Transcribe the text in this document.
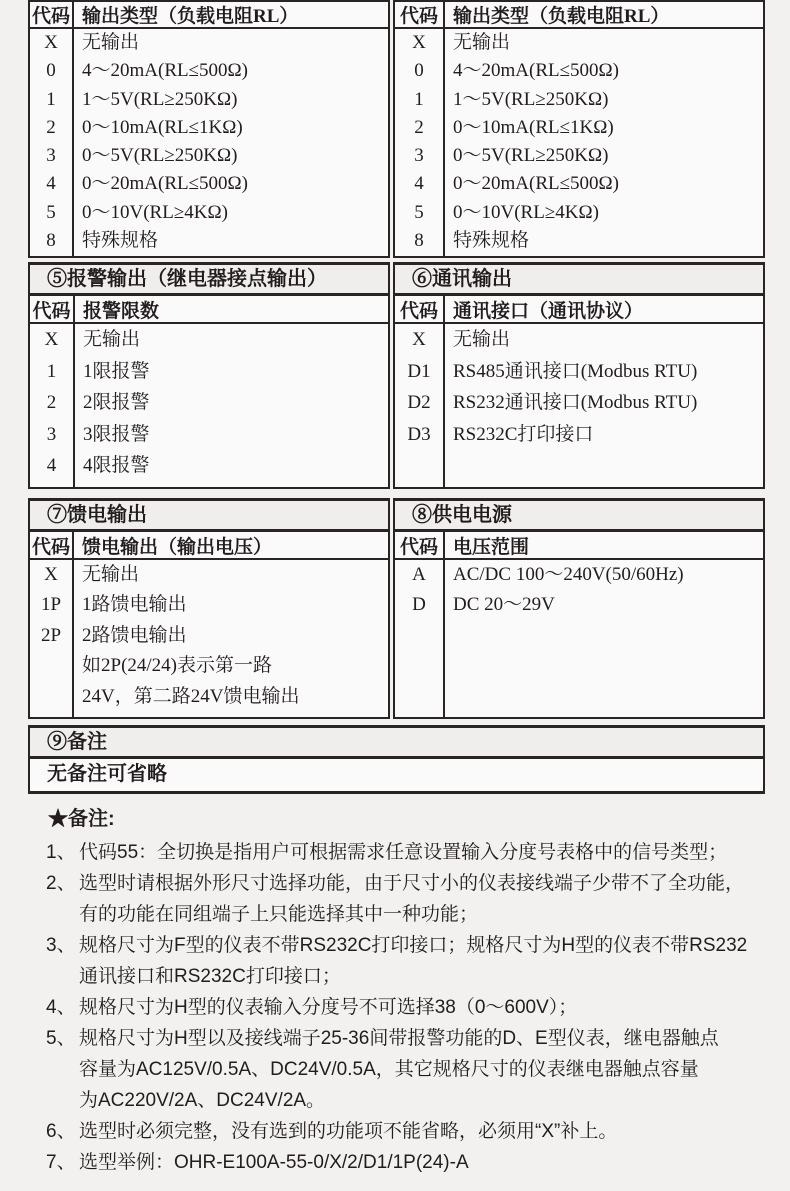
代码 输出类型（负载电阻RL）
X
0
1
2
3
4
5
8
无输出
4～20mA(RL≤500Ω)
1～5V(RL≥250KΩ)
0～10mA(RL≤1KΩ)
0～5V(RL≥250KΩ)
0～20mA(RL≤500Ω)
0～10V(RL≥4KΩ)
特殊规格
代码 输出类型（负载电阻RL）
X
0
1
2
3
4
5
8
无输出
4～20mA(RL≤500Ω)
1～5V(RL≥250KΩ)
0～10mA(RL≤1KΩ)
0～5V(RL≥250KΩ)
0～20mA(RL≤500Ω)
0～10V(RL≥4KΩ)
特殊规格
⑤报警输出（继电器接点输出）	⑥通讯输出
代码 报警限数
X
1
2
3
4
无输出
1限报警
2限报警
3限报警
4限报警
代码 通讯接口（通讯协议）
X
D1
D2
D3
无输出
RS485通讯接口(Modbus RTU)
RS232通讯接口(Modbus RTU)
RS232C打印接口
⑦馈电输出	⑧供电电源
代码 馈电输出（输出电压）
X
1P
2P
无输出
1路馈电输出
2路馈电输出
如2P(24/24)表示第一路
24V，第二路24V馈电输出
代码 电压范围
A
D
AC/DC 100～240V(50/60Hz)
DC 20～29V
⑨备注
无备注可省略
★备注:
1、 代码55：全切换是指用户可根据需求任意设置输入分度号表格中的信号类型；
2、 选型时请根据外形尺寸选择功能，由于尺寸小的仪表接线端子少带不了全功能，
有的功能在同组端子上只能选择其中一种功能；
3、 规格尺寸为F型的仪表不带RS232C打印接口；规格尺寸为H型的仪表不带RS232
通讯接口和RS232C打印接口；
4、 规格尺寸为H型的仪表输入分度号不可选择38（0～600V）；
5、 规格尺寸为H型以及接线端子25-36间带报警功能的D、E型仪表，继电器触点
容量为AC125V/0.5A、DC24V/0.5A，其它规格尺寸的仪表继电器触点容量
为AC220V/2A、DC24V/2A。
6、 选型时必须完整，没有选到的功能项不能省略，必须用“X”补上。
7、 选型举例：OHR-E100A-55-0/X/2/D1/1P(24)-A
